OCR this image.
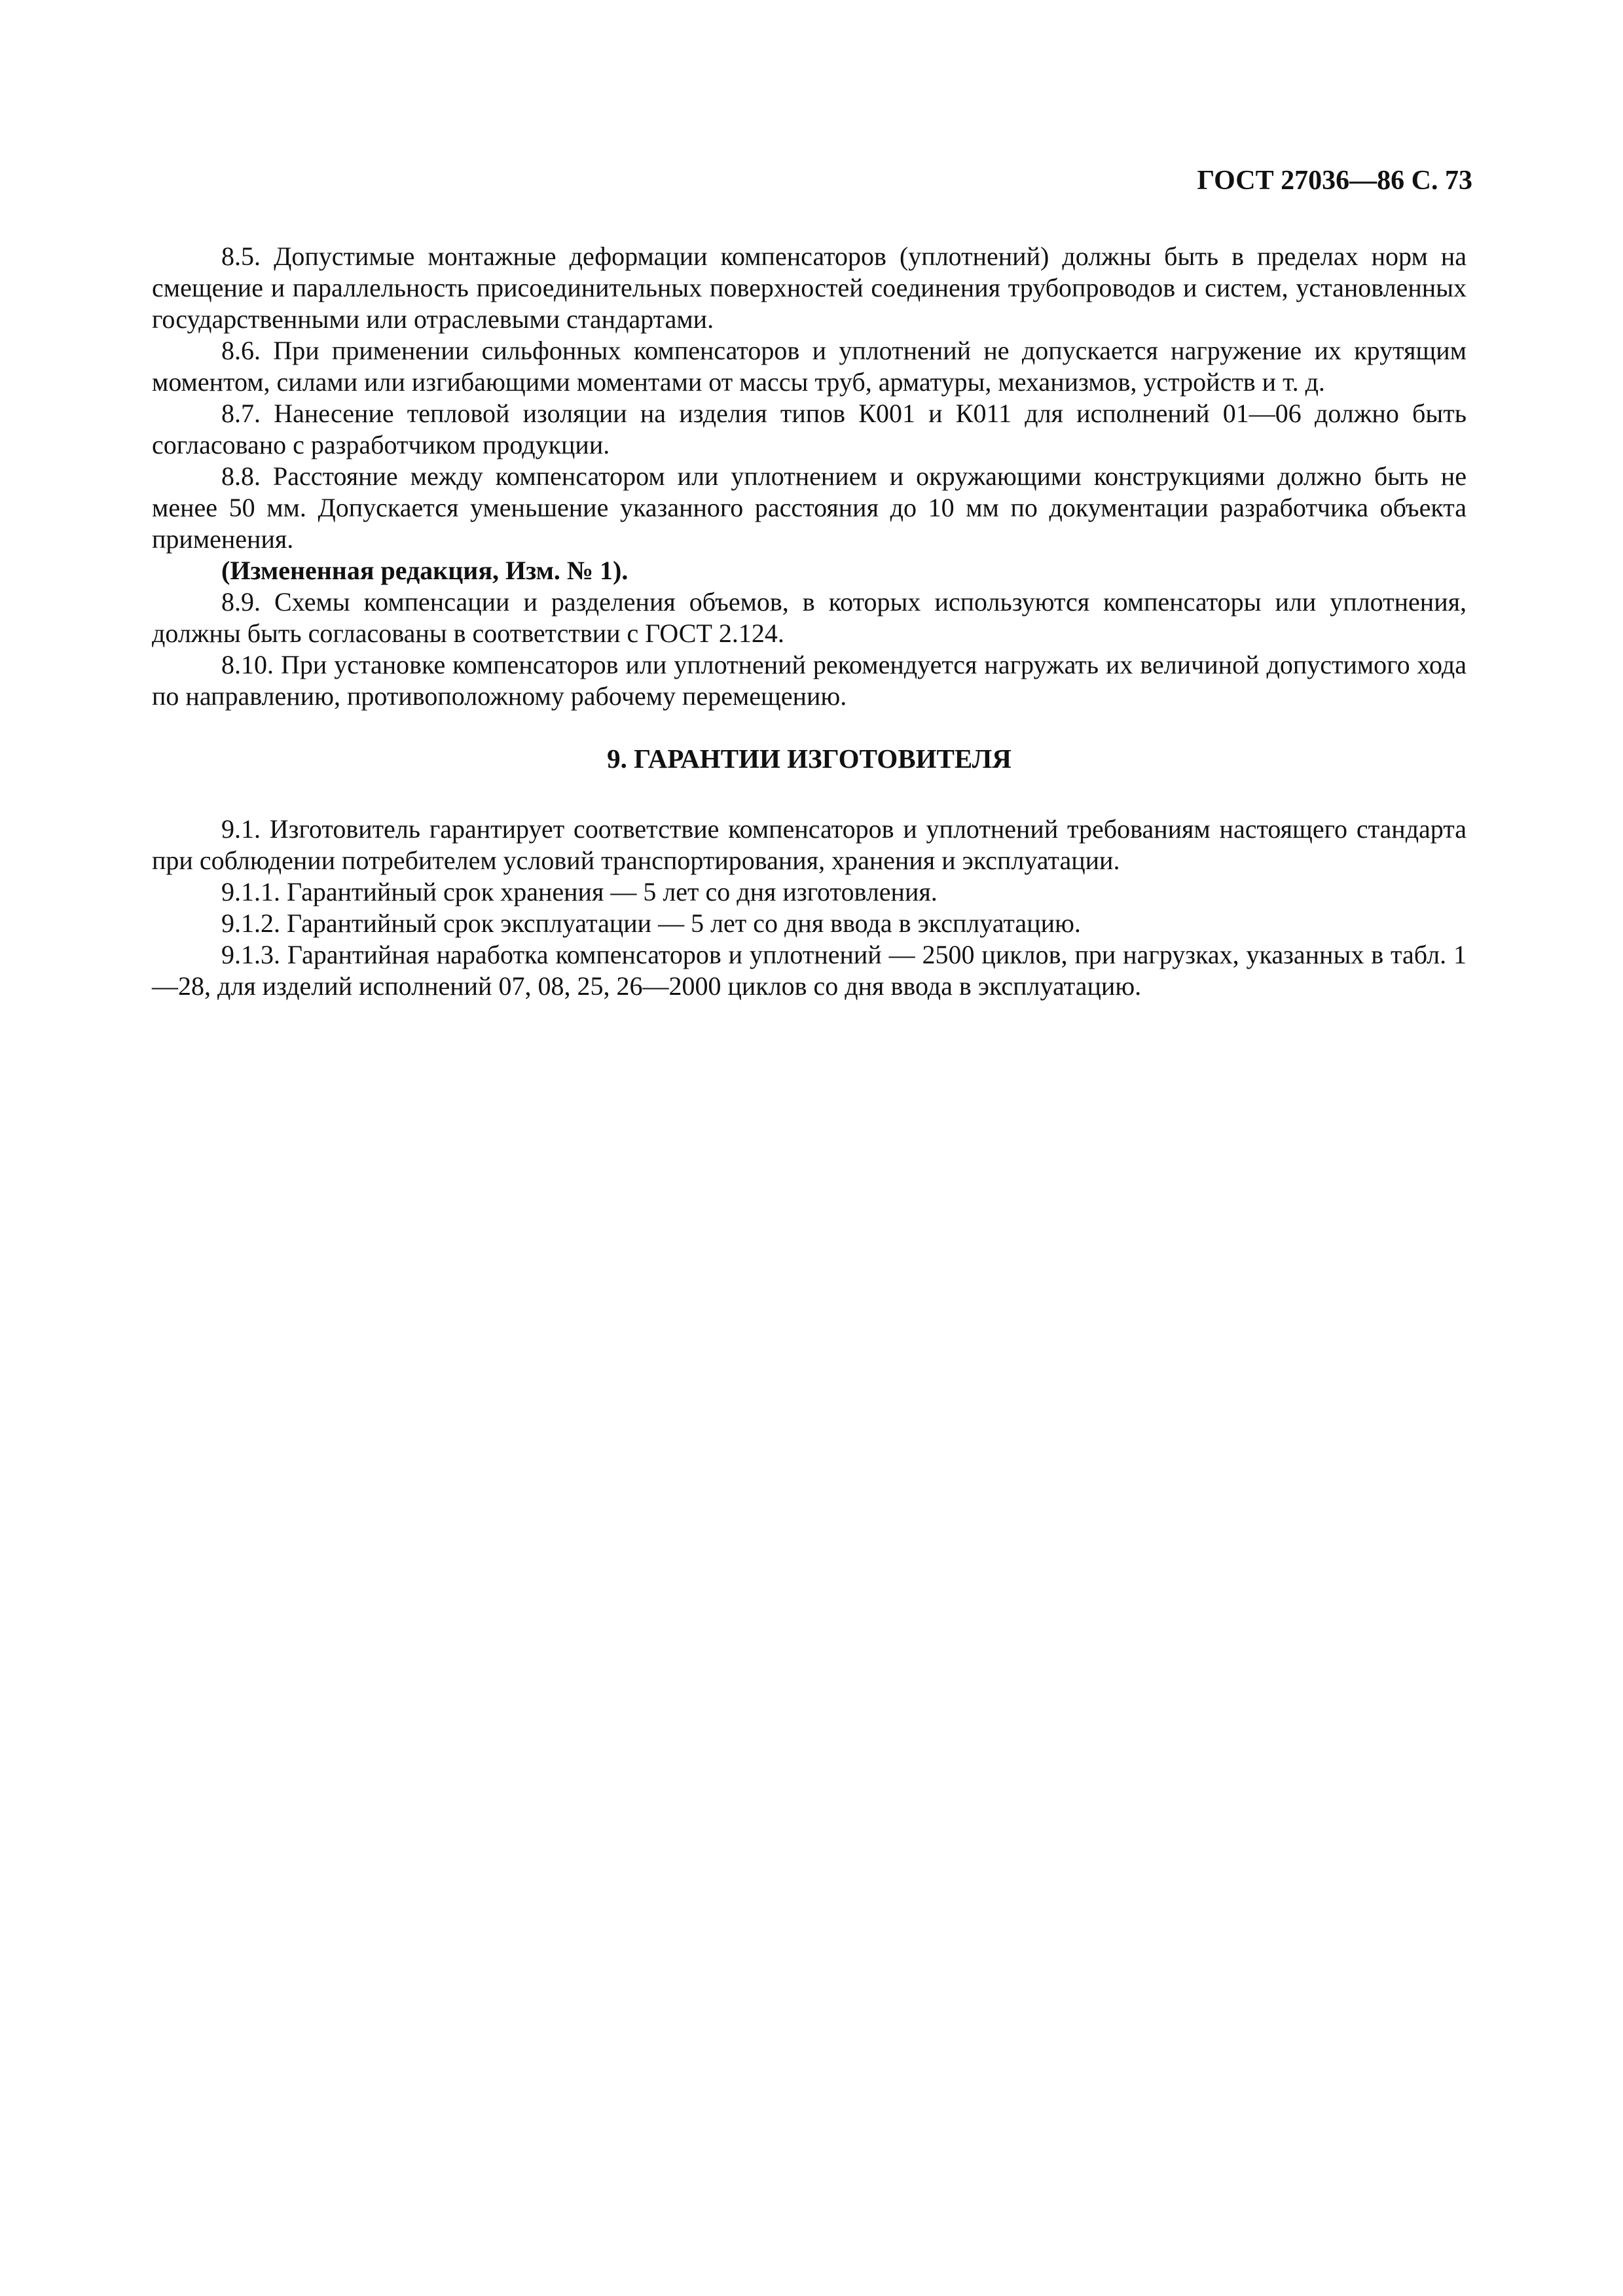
ГОСТ 27036—86 С. 73

8.5. Допустимые монтажные деформации компенсаторов (уплотнений) должны быть в пределах норм на смещение и параллельность присоединительных поверхностей соединения трубопроводов и систем, установленных государственными или отраслевыми стандартами.

8.6. При применении сильфонных компенсаторов и уплотнений не допускается нагружение их крутящим моментом, силами или изгибающими моментами от массы труб, арматуры, механизмов, устройств и т. д.

8.7. Нанесение тепловой изоляции на изделия типов К001 и К011 для исполнений 01—06 должно быть согласовано с разработчиком продукции.

8.8. Расстояние между компенсатором или уплотнением и окружающими конструкциями должно быть не менее 50 мм. Допускается уменьшение указанного расстояния до 10 мм по документации разработчика объекта применения.

(Измененная редакция, Изм. № 1).

8.9. Схемы компенсации и разделения объемов, в которых используются компенсаторы или уплотнения, должны быть согласованы в соответствии с ГОСТ 2.124.

8.10. При установке компенсаторов или уплотнений рекомендуется нагружать их величиной допустимого хода по направлению, противоположному рабочему перемещению.

9. ГАРАНТИИ ИЗГОТОВИТЕЛЯ

9.1. Изготовитель гарантирует соответствие компенсаторов и уплотнений требованиям настоящего стандарта при соблюдении потребителем условий транспортирования, хранения и эксплуатации.

9.1.1. Гарантийный срок хранения — 5 лет со дня изготовления.

9.1.2. Гарантийный срок эксплуатации — 5 лет со дня ввода в эксплуатацию.

9.1.3. Гарантийная наработка компенсаторов и уплотнений — 2500 циклов, при нагрузках, указанных в табл. 1—28, для изделий исполнений 07, 08, 25, 26—2000 циклов со дня ввода в эксплуатацию.
